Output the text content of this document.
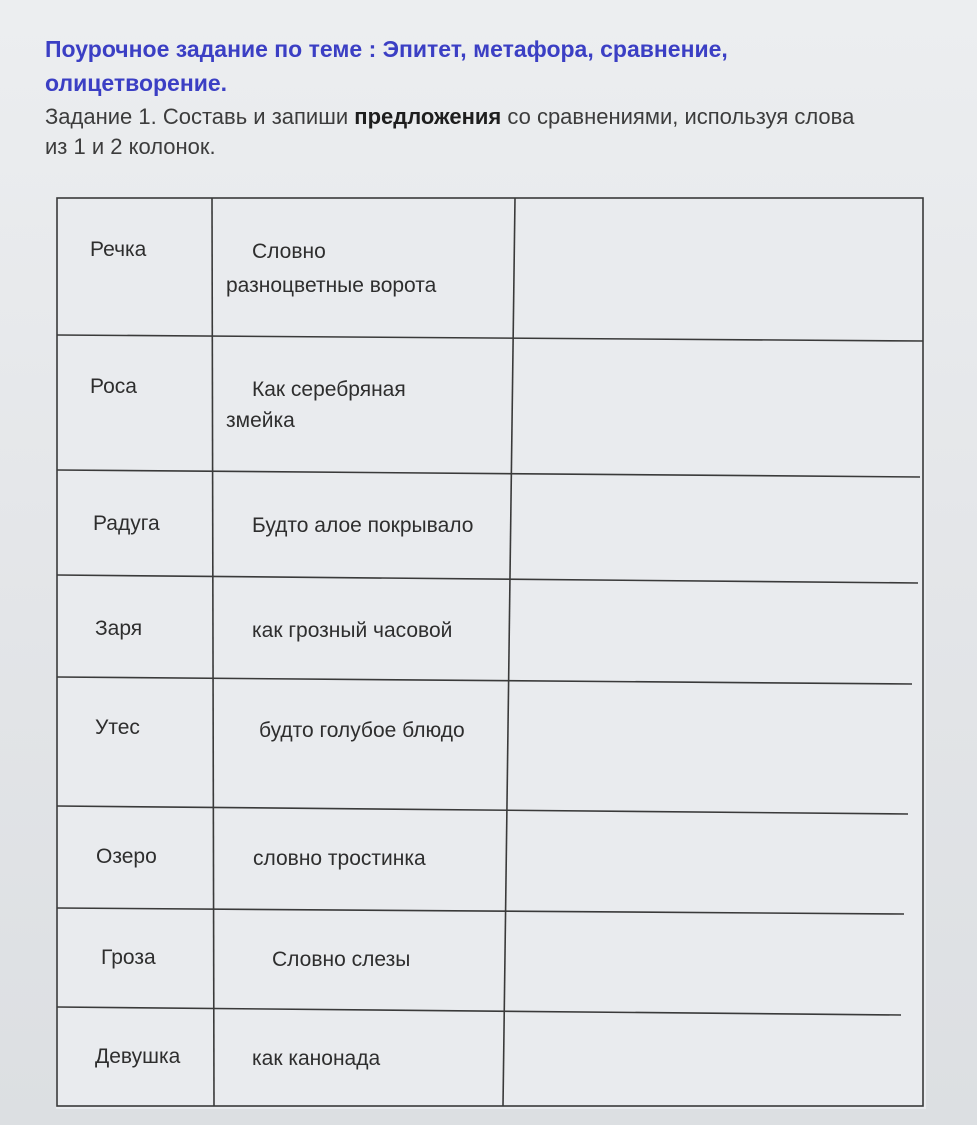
Поурочное задание по теме : Эпитет, метафора, сравнение,
олицетворение.
Задание 1. Составь и запиши предложения со сравнениями, используя слова
из 1 и 2 колонок.
Речка	Словно
разноцветные ворота
Роса	Как серебряная
змейка
Радуга	Будто алое покрывало
Заря	как грозный часовой
Утес	будто голубое блюдо
Озеро	словно тростинка
Гроза	Словно слезы
Девушка	как канонада
